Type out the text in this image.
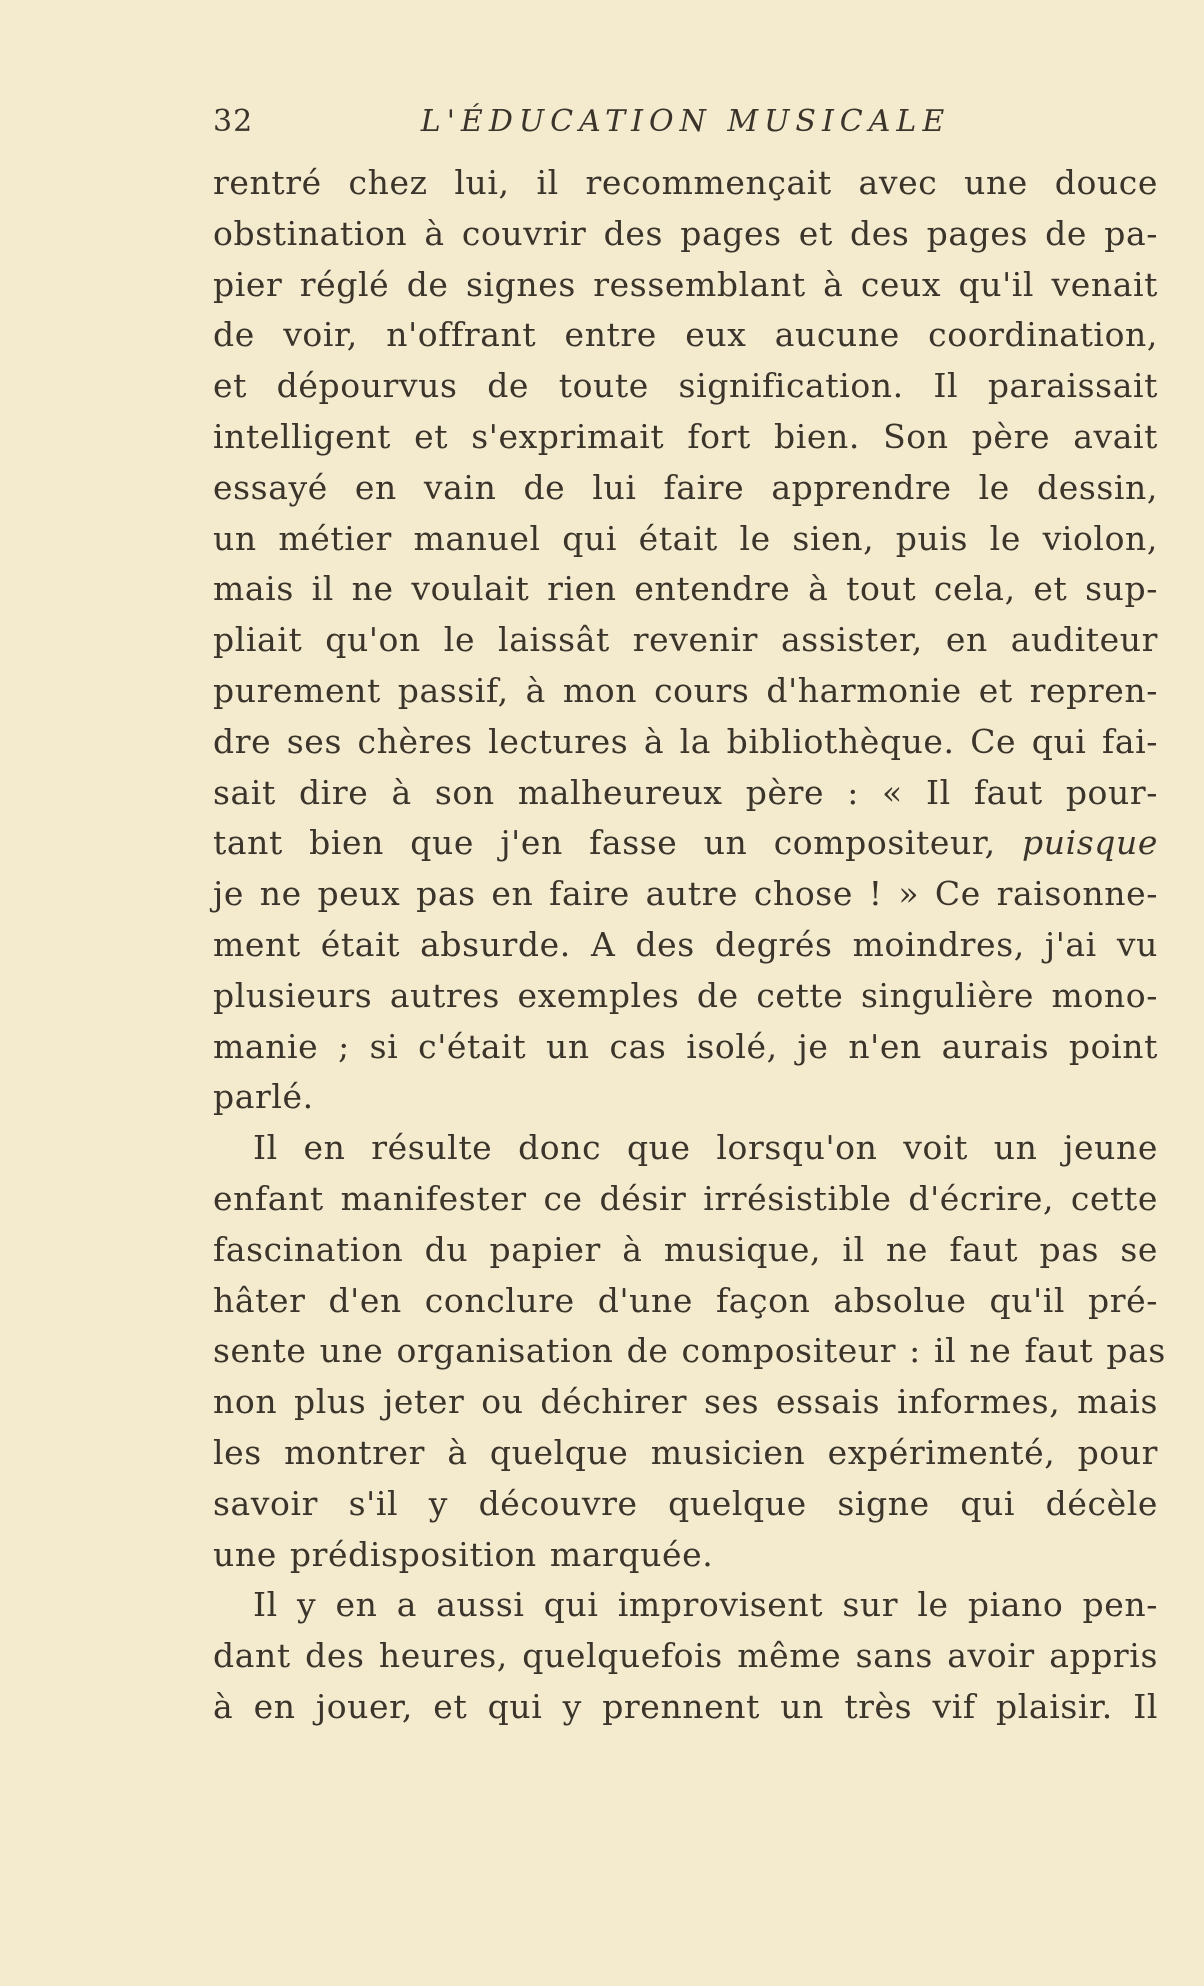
32	L'ÉDUCATION MUSICALE
rentré chez lui, il recommençait avec une douce
obstination à couvrir des pages et des pages de pa-
pier réglé de signes ressemblant à ceux qu'il venait
de voir, n'offrant entre eux aucune coordination,
et dépourvus de toute signification. Il paraissait
intelligent et s'exprimait fort bien. Son père avait
essayé en vain de lui faire apprendre le dessin,
un métier manuel qui était le sien, puis le violon,
mais il ne voulait rien entendre à tout cela, et sup-
pliait qu'on le laissât revenir assister, en auditeur
purement passif, à mon cours d'harmonie et repren-
dre ses chères lectures à la bibliothèque. Ce qui fai-
sait dire à son malheureux père : « Il faut pour-
tant bien que j'en fasse un compositeur, puisque
je ne peux pas en faire autre chose ! » Ce raisonne-
ment était absurde. A des degrés moindres, j'ai vu
plusieurs autres exemples de cette singulière mono-
manie ; si c'était un cas isolé, je n'en aurais point
parlé.
Il en résulte donc que lorsqu'on voit un jeune
enfant manifester ce désir irrésistible d'écrire, cette
fascination du papier à musique, il ne faut pas se
hâter d'en conclure d'une façon absolue qu'il pré-
sente une organisation de compositeur : il ne faut pas
non plus jeter ou déchirer ses essais informes, mais
les montrer à quelque musicien expérimenté, pour
savoir s'il y découvre quelque signe qui décèle
une prédisposition marquée.
Il y en a aussi qui improvisent sur le piano pen-
dant des heures, quelquefois même sans avoir appris
à en jouer, et qui y prennent un très vif plaisir. Il
